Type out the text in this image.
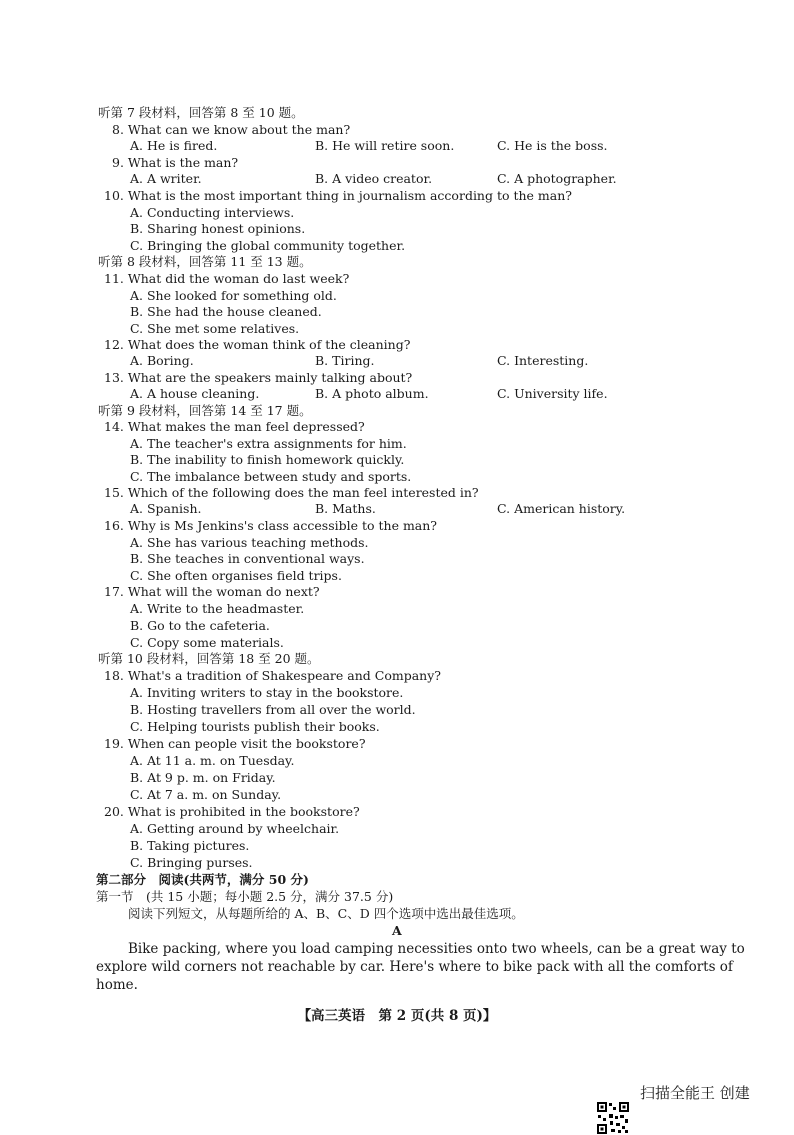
听第 7 段材料，回答第 8 至 10 题。
8. What can we know about the man?
A. He is fired.	B. He will retire soon.	C. He is the boss.
9. What is the man?
A. A writer.	B. A video creator.	C. A photographer.
10. What is the most important thing in journalism according to the man?
A. Conducting interviews.
B. Sharing honest opinions.
C. Bringing the global community together.
听第 8 段材料，回答第 11 至 13 题。
11. What did the woman do last week?
A. She looked for something old.
B. She had the house cleaned.
C. She met some relatives.
12. What does the woman think of the cleaning?
A. Boring.	B. Tiring.	C. Interesting.
13. What are the speakers mainly talking about?
A. A house cleaning.	B. A photo album.	C. University life.
听第 9 段材料，回答第 14 至 17 题。
14. What makes the man feel depressed?
A. The teacher's extra assignments for him.
B. The inability to finish homework quickly.
C. The imbalance between study and sports.
15. Which of the following does the man feel interested in?
A. Spanish.	B. Maths.	C. American history.
16. Why is Ms Jenkins's class accessible to the man?
A. She has various teaching methods.
B. She teaches in conventional ways.
C. She often organises field trips.
17. What will the woman do next?
A. Write to the headmaster.
B. Go to the cafeteria.
C. Copy some materials.
听第 10 段材料，回答第 18 至 20 题。
18. What's a tradition of Shakespeare and Company?
A. Inviting writers to stay in the bookstore.
B. Hosting travellers from all over the world.
C. Helping tourists publish their books.
19. When can people visit the bookstore?
A. At 11 a. m. on Tuesday.
B. At 9 p. m. on Friday.
C. At 7 a. m. on Sunday.
20. What is prohibited in the bookstore?
A. Getting around by wheelchair.
B. Taking pictures.
C. Bringing purses.
第二部分　阅读(共两节，满分 50 分)
第一节　(共 15 小题；每小题 2.5 分，满分 37.5 分)
阅读下列短文，从每题所给的 A、B、C、D 四个选项中选出最佳选项。
A
Bike packing, where you load camping necessities onto two wheels, can be a great way to
explore wild corners not reachable by car. Here's where to bike pack with all the comforts of
home.
【高三英语　第 2 页(共 8 页)】
扫描全能王 创建
